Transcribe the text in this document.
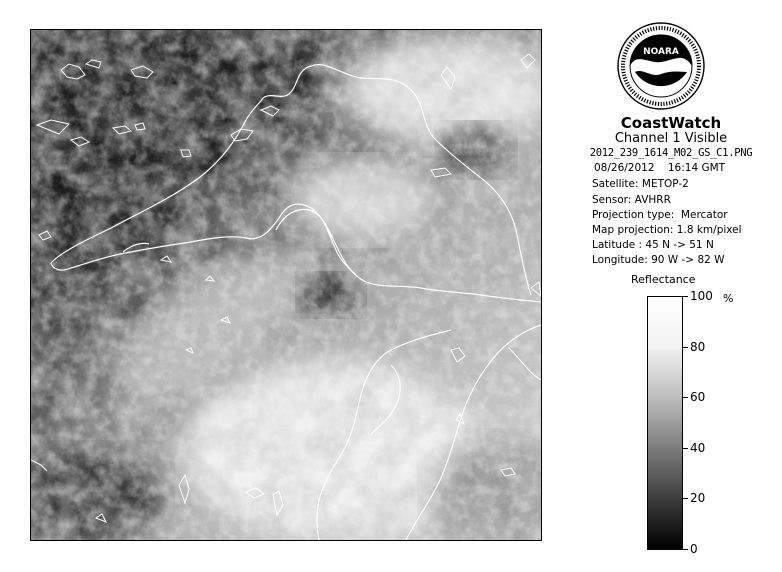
NOARA
CoastWatch
Channel 1 Visible
2012_239_1614_M02_GS_C1.PNG
08/26/2012    16:14 GMT
Satellite: METOP-2
Sensor: AVHRR
Projection type:  Mercator
Map projection: 1.8 km/pixel
Latitude : 45 N -> 51 N
Longitude: 90 W -> 82 W
Reflectance
%
100
80
60
40
20
0
